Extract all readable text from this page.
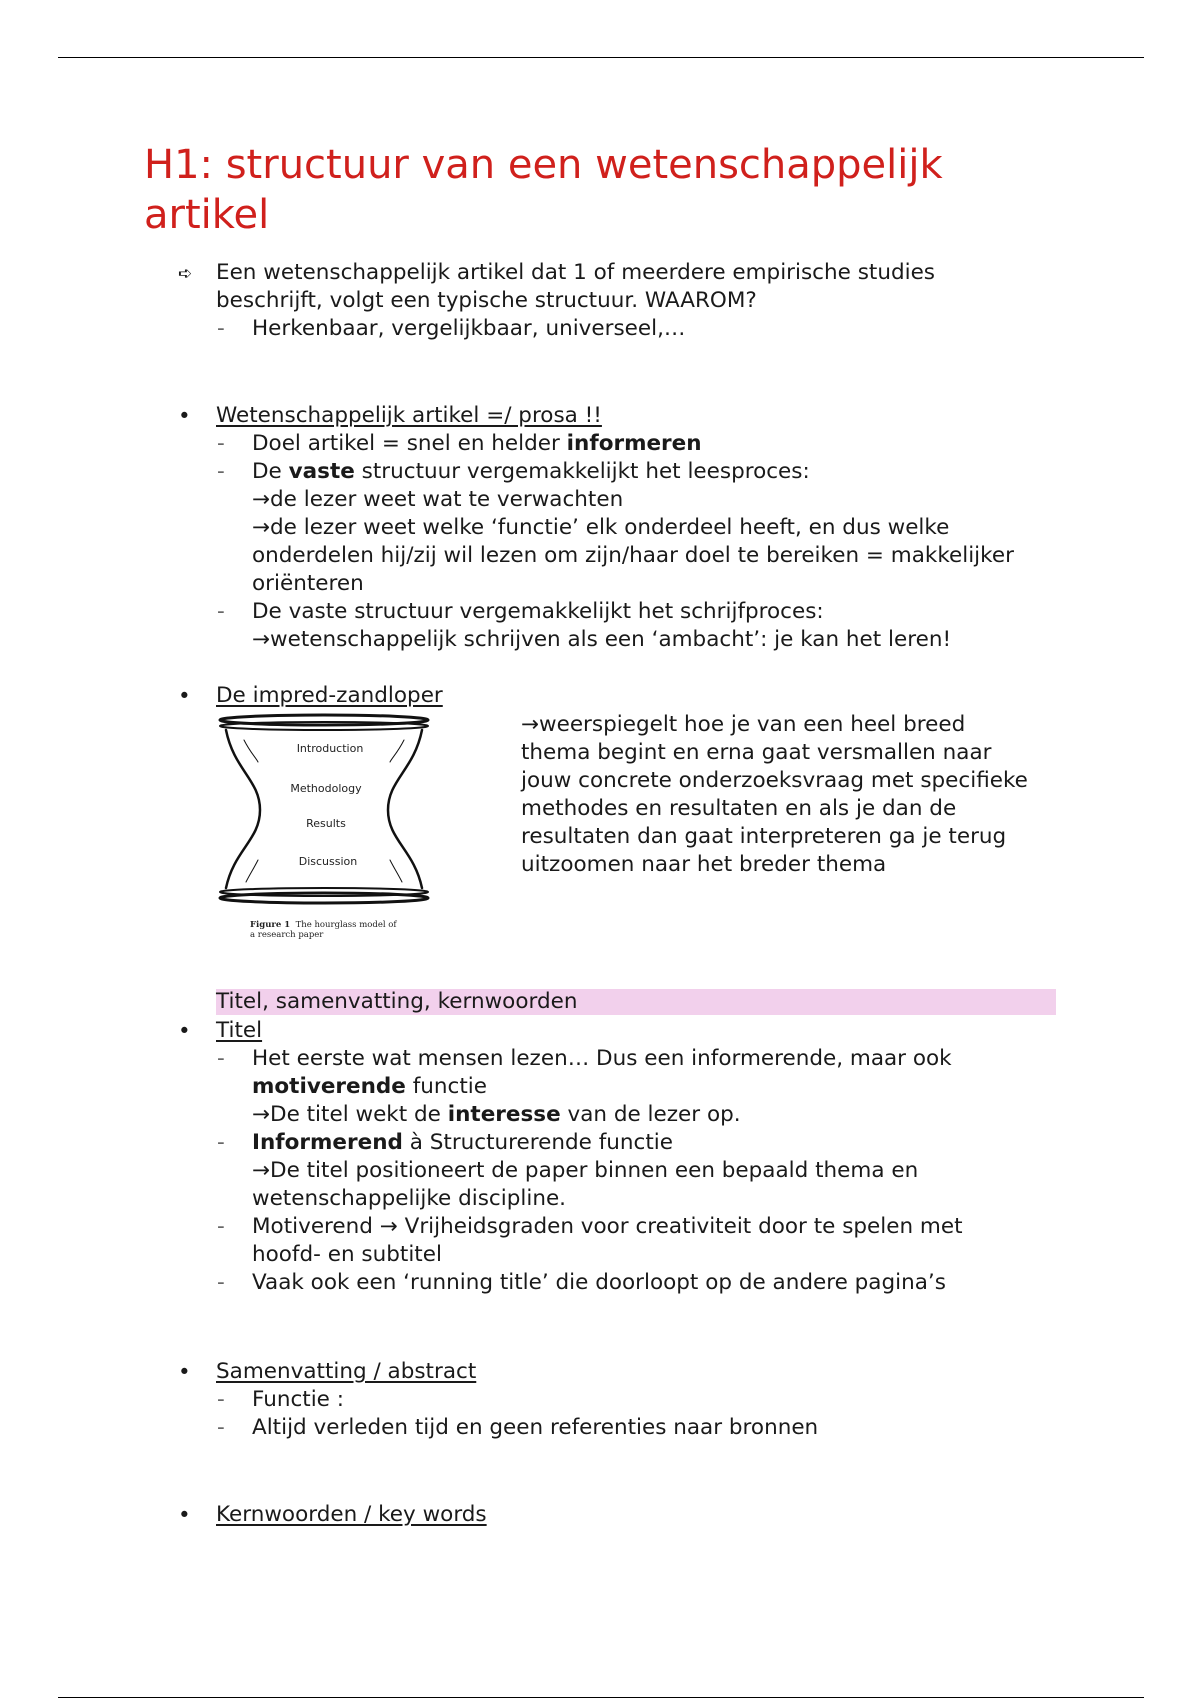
H1: structuur van een wetenschappelijk
artikel
➪ Een wetenschappelijk artikel dat 1 of meerdere empirische studies
beschrijft, volgt een typische structuur. WAAROM?
- Herkenbaar, vergelijkbaar, universeel,…
• Wetenschappelijk artikel =/ prosa !!
- Doel artikel = snel en helder informeren
- De vaste structuur vergemakkelijkt het leesproces:
→de lezer weet wat te verwachten
→de lezer weet welke ‘functie’ elk onderdeel heeft, en dus welke
onderdelen hij/zij wil lezen om zijn/haar doel te bereiken = makkelijker
oriënteren
- De vaste structuur vergemakkelijkt het schrijfproces:
→wetenschappelijk schrijven als een ‘ambacht’: je kan het leren!
• De impred-zandloper
Introduction
Methodology
Results
Discussion
Figure 1 The hourglass model of
a research paper
→weerspiegelt hoe je van een heel breed
thema begint en erna gaat versmallen naar
jouw concrete onderzoeksvraag met specifieke
methodes en resultaten en als je dan de
resultaten dan gaat interpreteren ga je terug
uitzoomen naar het breder thema
Titel, samenvatting, kernwoorden
• Titel
- Het eerste wat mensen lezen… Dus een informerende, maar ook
motiverende functie
→De titel wekt de interesse van de lezer op.
- Informerend à Structurerende functie
→De titel positioneert de paper binnen een bepaald thema en
wetenschappelijke discipline.
- Motiverend → Vrijheidsgraden voor creativiteit door te spelen met
hoofd- en subtitel
- Vaak ook een ‘running title’ die doorloopt op de andere pagina’s
• Samenvatting / abstract
- Functie :
- Altijd verleden tijd en geen referenties naar bronnen
• Kernwoorden / key words
